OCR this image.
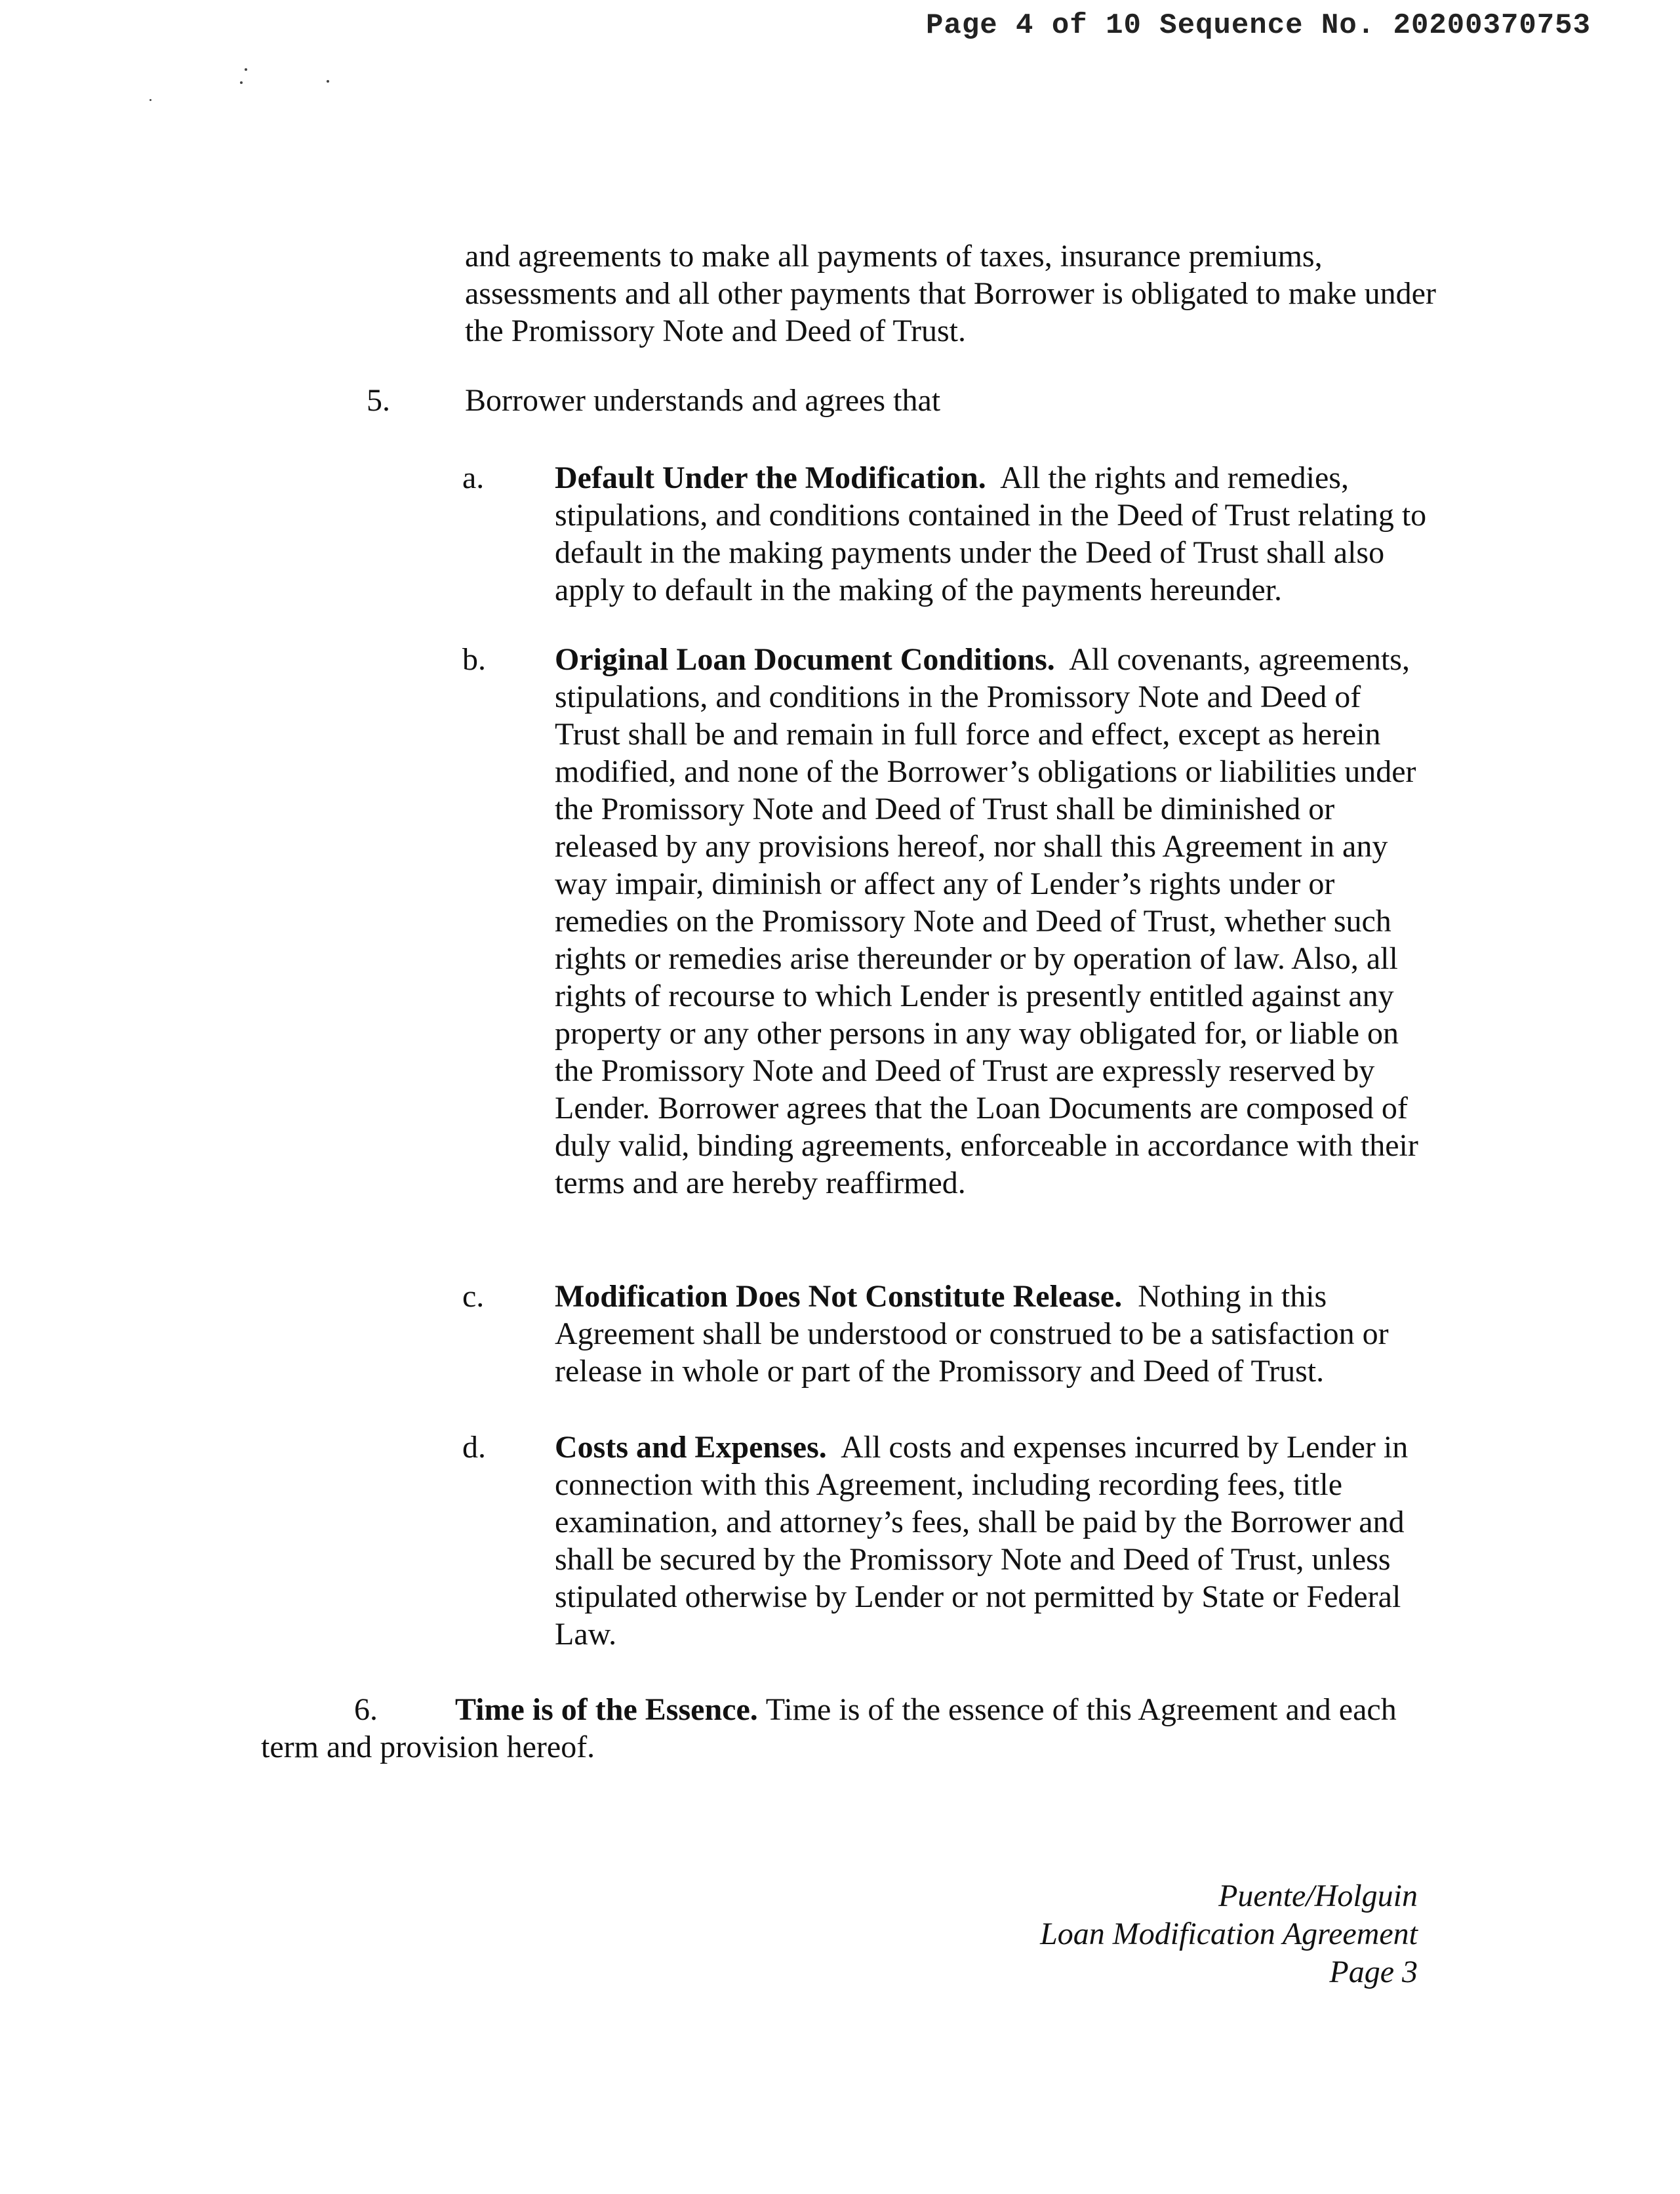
Page 4 of 10 Sequence No. 20200370753
and agreements to make all payments of taxes, insurance premiums, assessments and all other payments that Borrower is obligated to make under the Promissory Note and Deed of Trust.
5. Borrower understands and agrees that
a. Default Under the Modification. All the rights and remedies, stipulations, and conditions contained in the Deed of Trust relating to default in the making payments under the Deed of Trust shall also apply to default in the making of the payments hereunder.
b. Original Loan Document Conditions. All covenants, agreements, stipulations, and conditions in the Promissory Note and Deed of Trust shall be and remain in full force and effect, except as herein modified, and none of the Borrower’s obligations or liabilities under the Promissory Note and Deed of Trust shall be diminished or released by any provisions hereof, nor shall this Agreement in any way impair, diminish or affect any of Lender’s rights under or remedies on the Promissory Note and Deed of Trust, whether such rights or remedies arise thereunder or by operation of law. Also, all rights of recourse to which Lender is presently entitled against any property or any other persons in any way obligated for, or liable on the Promissory Note and Deed of Trust are expressly reserved by Lender. Borrower agrees that the Loan Documents are composed of duly valid, binding agreements, enforceable in accordance with their terms and are hereby reaffirmed.
c. Modification Does Not Constitute Release. Nothing in this Agreement shall be understood or construed to be a satisfaction or release in whole or part of the Promissory and Deed of Trust.
d. Costs and Expenses. All costs and expenses incurred by Lender in connection with this Agreement, including recording fees, title examination, and attorney’s fees, shall be paid by the Borrower and shall be secured by the Promissory Note and Deed of Trust, unless stipulated otherwise by Lender or not permitted by State or Federal Law.
6. Time is of the Essence. Time is of the essence of this Agreement and each term and provision hereof.
Puente/Holguin
Loan Modification Agreement
Page 3
